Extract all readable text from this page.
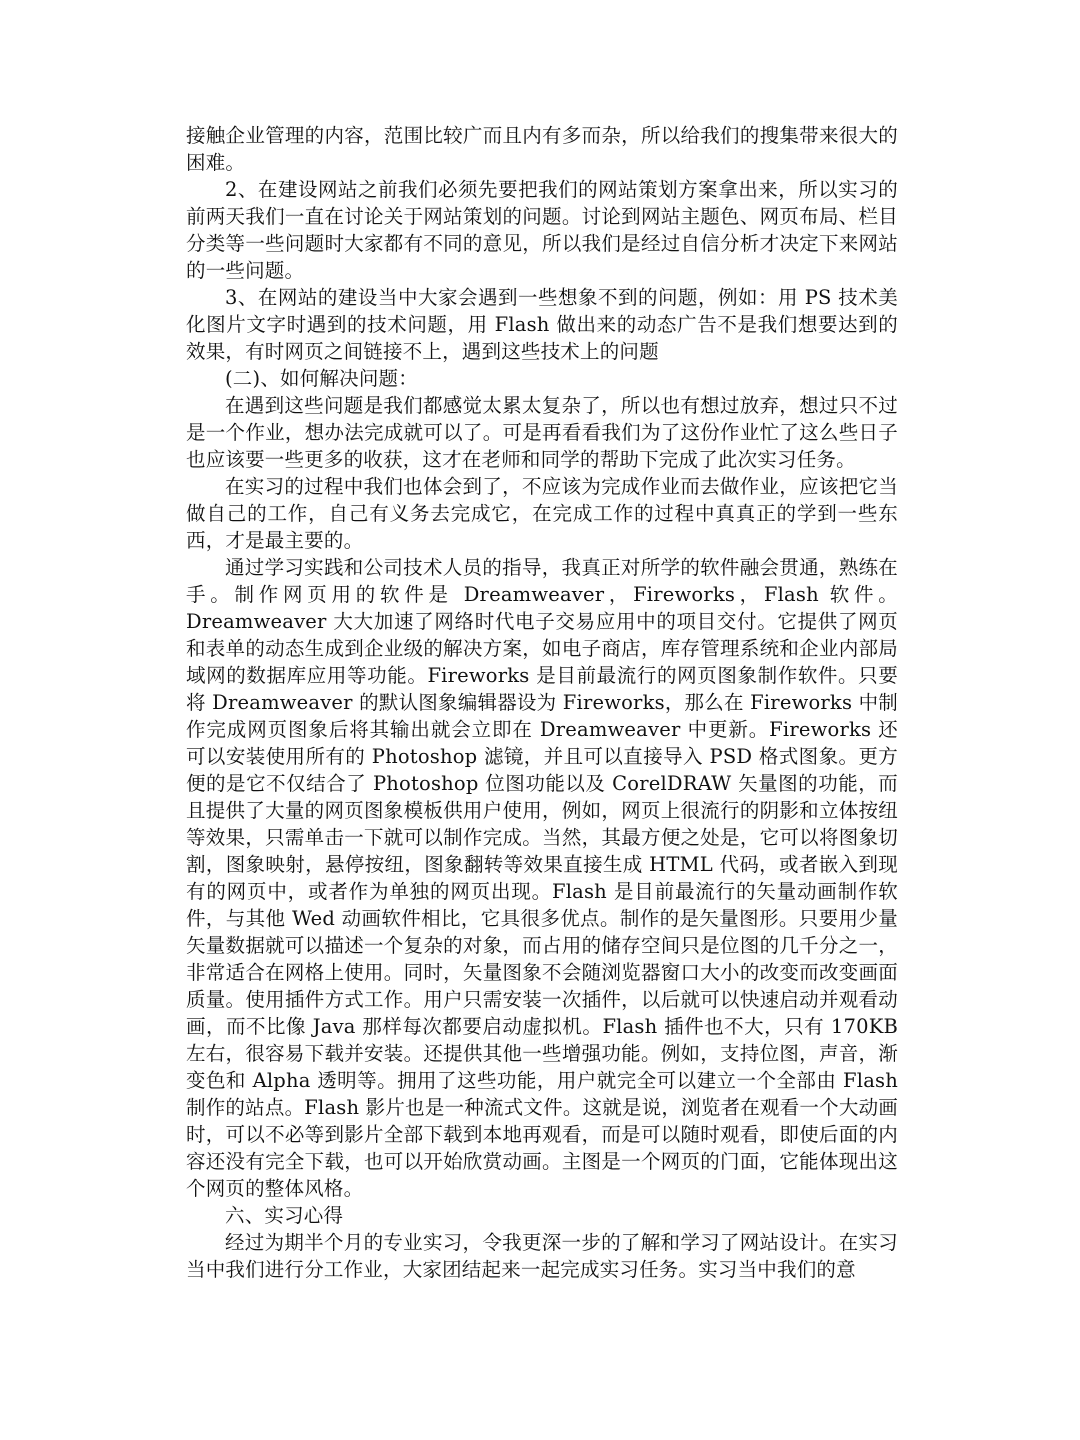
接触企业管理的内容，范围比较广而且内有多而杂，所以给我们的搜集带来很大的困难。

2、在建设网站之前我们必须先要把我们的网站策划方案拿出来，所以实习的前两天我们一直在讨论关于网站策划的问题。讨论到网站主题色、网页布局、栏目分类等一些问题时大家都有不同的意见，所以我们是经过自信分析才决定下来网站的一些问题。

3、在网站的建设当中大家会遇到一些想象不到的问题，例如：用 PS 技术美化图片文字时遇到的技术问题，用 Flash 做出来的动态广告不是我们想要达到的效果，有时网页之间链接不上，遇到这些技术上的问题

(二)、如何解决问题：

在遇到这些问题是我们都感觉太累太复杂了，所以也有想过放弃，想过只不过是一个作业，想办法完成就可以了。可是再看看我们为了这份作业忙了这么些日子也应该要一些更多的收获，这才在老师和同学的帮助下完成了此次实习任务。

在实习的过程中我们也体会到了，不应该为完成作业而去做作业，应该把它当做自己的工作，自己有义务去完成它，在完成工作的过程中真真正的学到一些东西，才是最主要的。

通过学习实践和公司技术人员的指导，我真正对所学的软件融会贯通，熟练在手。制作网页用的软件是 Dreamweaver，Fireworks，Flash 软件。Dreamweaver 大大加速了网络时代电子交易应用中的项目交付。它提供了网页和表单的动态生成到企业级的解决方案，如电子商店，库存管理系统和企业内部局域网的数据库应用等功能。Fireworks 是目前最流行的网页图象制作软件。只要将 Dreamweaver 的默认图象编辑器设为 Fireworks，那么在 Fireworks 中制作完成网页图象后将其输出就会立即在 Dreamweaver 中更新。Fireworks 还可以安装使用所有的 Photoshop 滤镜，并且可以直接导入 PSD 格式图象。更方便的是它不仅结合了 Photoshop 位图功能以及 CorelDRAW 矢量图的功能，而且提供了大量的网页图象模板供用户使用，例如，网页上很流行的阴影和立体按纽等效果，只需单击一下就可以制作完成。当然，其最方便之处是，它可以将图象切割，图象映射，悬停按纽，图象翻转等效果直接生成 HTML 代码，或者嵌入到现有的网页中，或者作为单独的网页出现。Flash 是目前最流行的矢量动画制作软件，与其他 Wed 动画软件相比，它具很多优点。制作的是矢量图形。只要用少量矢量数据就可以描述一个复杂的对象，而占用的储存空间只是位图的几千分之一，非常适合在网格上使用。同时，矢量图象不会随浏览器窗口大小的改变而改变画面质量。使用插件方式工作。用户只需安装一次插件，以后就可以快速启动并观看动画，而不比像 Java 那样每次都要启动虚拟机。Flash 插件也不大，只有 170KB 左右，很容易下载并安装。还提供其他一些增强功能。例如，支持位图，声音，渐变色和 Alpha 透明等。拥用了这些功能，用户就完全可以建立一个全部由 Flash 制作的站点。Flash 影片也是一种流式文件。这就是说，浏览者在观看一个大动画时，可以不必等到影片全部下载到本地再观看，而是可以随时观看，即使后面的内容还没有完全下载，也可以开始欣赏动画。主图是一个网页的门面，它能体现出这个网页的整体风格。

六、实习心得

经过为期半个月的专业实习，令我更深一步的了解和学习了网站设计。在实习当中我们进行分工作业，大家团结起来一起完成实习任务。实习当中我们的意
